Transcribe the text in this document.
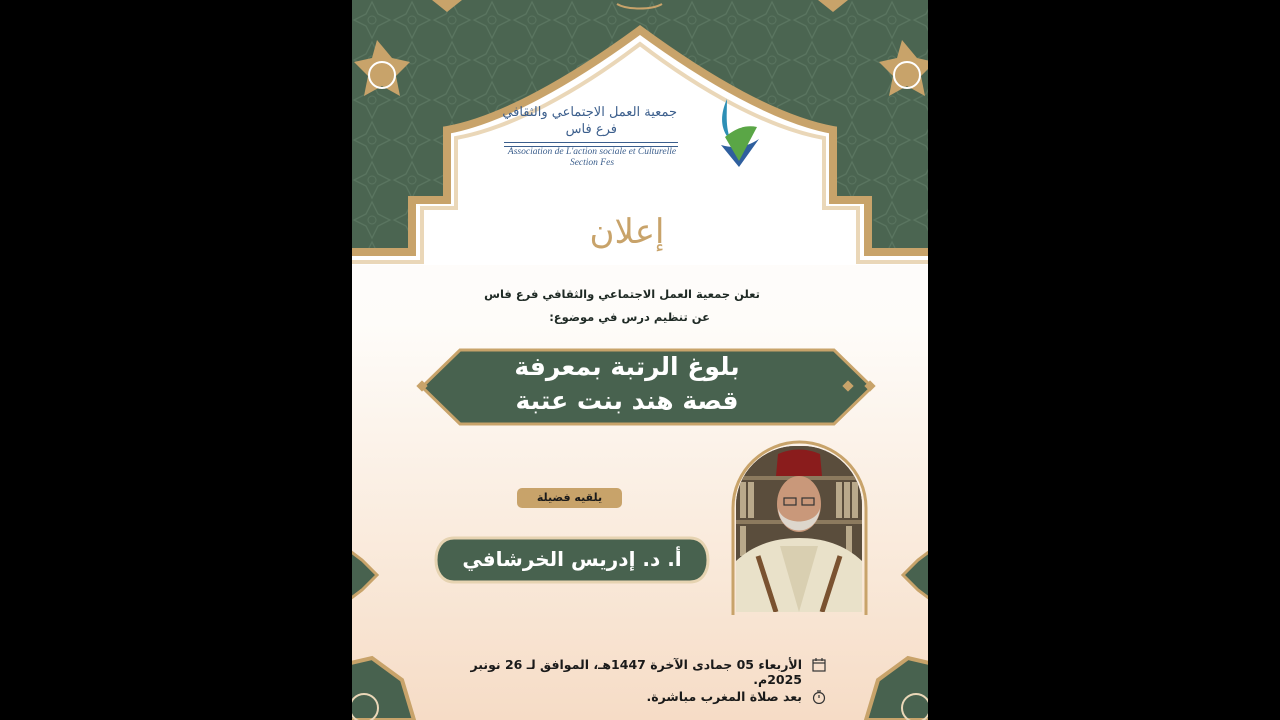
جمعية العمل الاجتماعي والثقافي
فرع فاس
Association de L'action sociale et Culturelle
Section Fes
إعلان
تعلن جمعية العمل الاجتماعي والثقافي فرع فاس
عن تنظيم درس في موضوع:
بلوغ الرتبة بمعرفة
قصة هند بنت عتبة
يلقيه فضيلة
أ. د. إدريس الخرشافي
الأربعاء 05 جمادى الآخرة 1447هـ، الموافق لـ 26 نونبر 2025م.
بعد صلاة المغرب مباشرة.
